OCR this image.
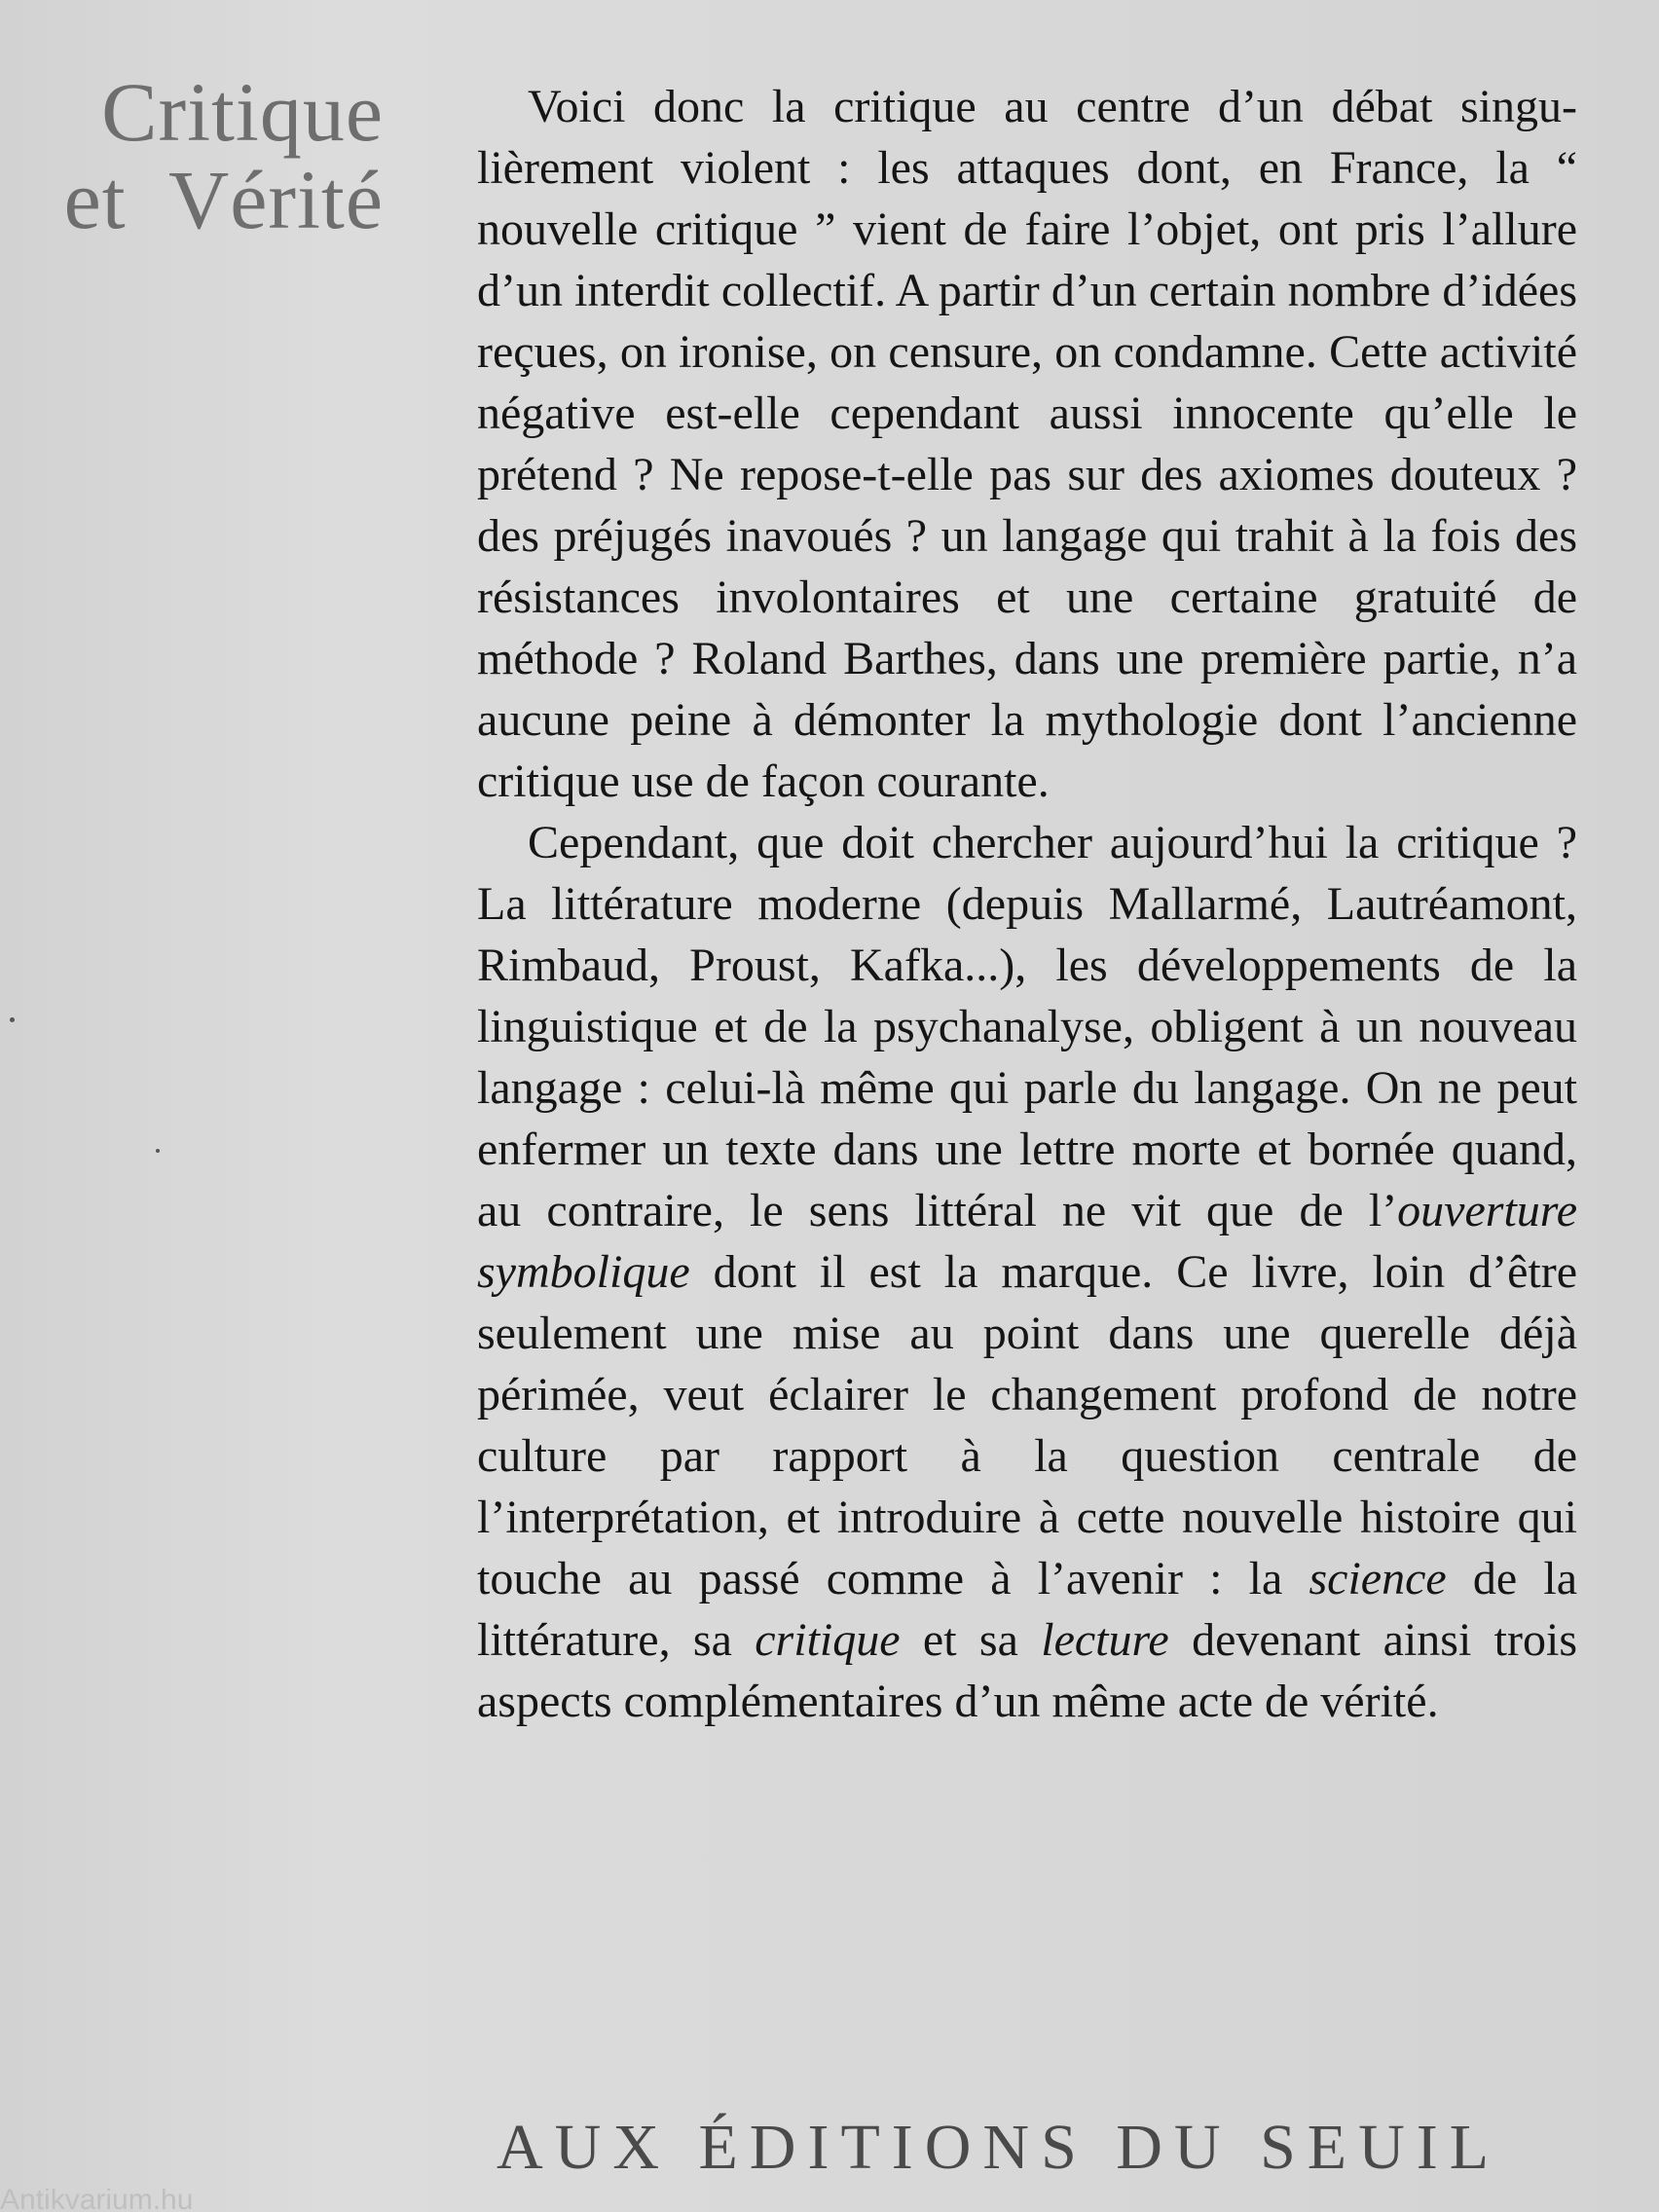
Critique
et  Vérité

Voici donc la critique au centre d’un débat singulièrement violent : les attaques dont, en France, la “ nouvelle critique ” vient de faire l’objet, ont pris l’allure d’un interdit collectif. A partir d’un certain nombre d’idées reçues, on ironise, on censure, on condamne. Cette activité négative est-elle cependant aussi innocente qu’elle le prétend ? Ne repose-t-elle pas sur des axiomes douteux ? des préjugés inavoués ? un langage qui trahit à la fois des résistances involontaires et une certaine gratuité de méthode ? Roland Barthes, dans une première partie, n’a aucune peine à démonter la mythologie dont l’ancienne critique use de façon courante.

Cependant, que doit chercher aujourd’hui la critique ? La littérature moderne (depuis Mallarmé, Lautréamont, Rimbaud, Proust, Kafka...), les développements de la linguistique et de la psychanalyse, obligent à un nouveau langage : celui-là même qui parle du langage. On ne peut enfermer un texte dans une lettre morte et bornée quand, au contraire, le sens littéral ne vit que de l’ouverture symbolique dont il est la marque. Ce livre, loin d’être seulement une mise au point dans une querelle déjà périmée, veut éclairer le changement profond de notre culture par rapport à la question centrale de l’interprétation, et introduire à cette nouvelle histoire qui touche au passé comme à l’avenir : la science de la littérature, sa critique et sa lecture devenant ainsi trois aspects complémentaires d’un même acte de vérité.

AUX ÉDITIONS DU SEUIL
Antikvarium.hu
